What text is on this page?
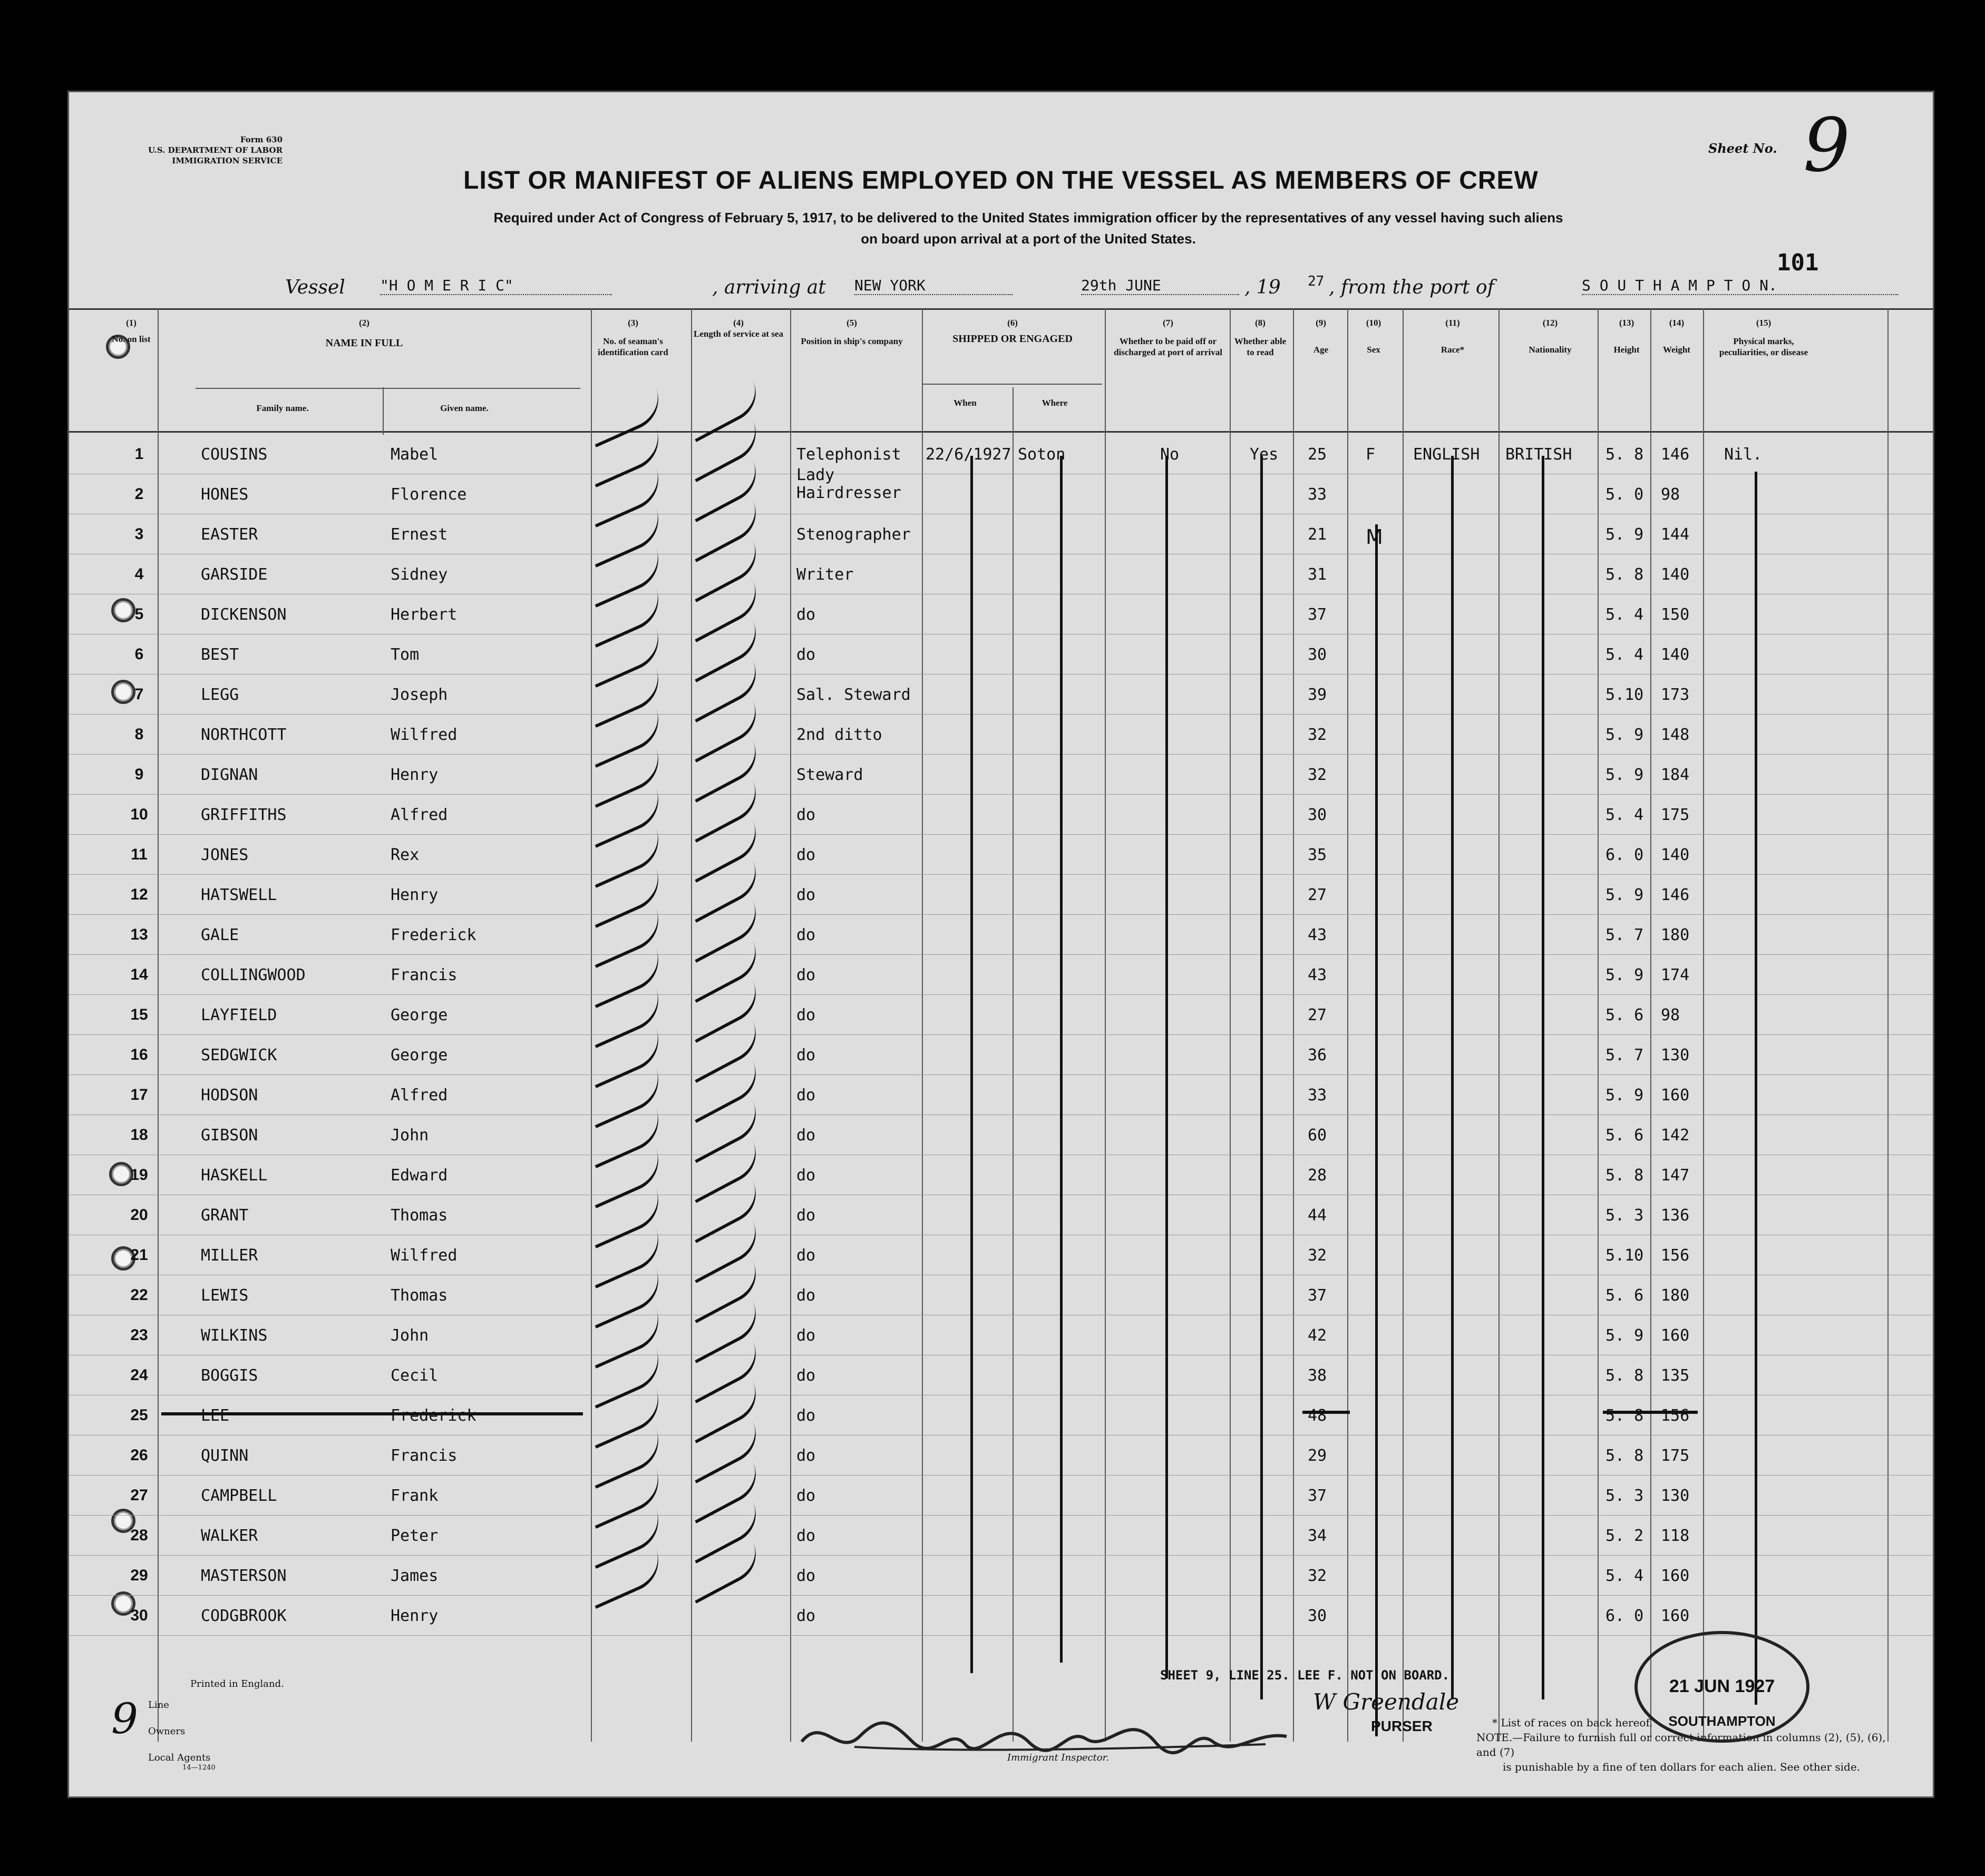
Form 630
U.S. DEPARTMENT OF LABOR
IMMIGRATION SERVICE
Sheet No. 9
LIST OR MANIFEST OF ALIENS EMPLOYED ON THE VESSEL AS MEMBERS OF CREW
Required under Act of Congress of February 5, 1917, to be delivered to the United States immigration officer by the representatives of any vessel having such aliens
on board upon arrival at a port of the United States.
101
Vessel "H O M E R I C"	, arriving at NEW YORK	29th JUNE	, 19 27 , from the port of	S O U T H A M P T O N.
(1)
No. on list
(2)
NAME IN FULL
Family name.	Given name.
(3)
No. of seaman's identification card
(4)
Length of service at sea
(5)
Position in ship's company
(6)
SHIPPED OR ENGAGED
When	Where
(7)
Whether to be paid off or discharged at port of arrival
(8)
Whether able to read
(9)
Age
(10)
Sex
(11)
Race*
(12)
Nationality
(13)
Height
(14)
Weight
(15)
Physical marks, peculiarities, or disease
1	COUSINS	Mabel	Telephonist 22/6/1927 Soton	No	Yes 25 F ENGLISH BRITISH 5. 8 146 Nil.
2	HONES	Florence
Lady
Hairdresser	33	5. 0 98
3	EASTER	Ernest	Stenographer	21 M	5. 9 144
4	GARSIDE	Sidney	Writer	31	5. 8 140
5	DICKENSON	Herbert	do	37	5. 4 150
6	BEST	Tom	do	30	5. 4 140
7	LEGG	Joseph	Sal. Steward	39	5.10 173
8	NORTHCOTT	Wilfred	2nd ditto	32	5. 9 148
9	DIGNAN	Henry	Steward	32	5. 9 184
10	GRIFFITHS	Alfred	do	30	5. 4 175
11	JONES	Rex	do	35	6. 0 140
12	HATSWELL	Henry	do	27	5. 9 146
13	GALE	Frederick	do	43	5. 7 180
14	COLLINGWOOD	Francis	do	43	5. 9 174
15	LAYFIELD	George	do	27	5. 6 98
16	SEDGWICK	George	do	36	5. 7 130
17	HODSON	Alfred	do	33	5. 9 160
18	GIBSON	John	do	60	5. 6 142
19	HASKELL	Edward	do	28	5. 8 147
20	GRANT	Thomas	do	44	5. 3 136
21	MILLER	Wilfred	do	32	5.10 156
22	LEWIS	Thomas	do	37	5. 6 180
23	WILKINS	John	do	42	5. 9 160
24	BOGGIS	Cecil	do	38	5. 8 135
25	LEE	Frederick	do	48	5. 8 156
26	QUINN	Francis	do	29	5. 8 175
27	CAMPBELL	Frank	do	37	5. 3 130
28	WALKER	Peter	do	34	5. 2 118
29	MASTERSON	James	do	32	5. 4 160
30	CODGBROOK	Henry	do	30	6. 0 160
Printed in England.
9 Line
Owners
Local Agents
14—1240
Immigrant Inspector.
SHEET 9, LINE 25. LEE F. NOT ON BOARD.
W Greendale
PURSER	* List of races on back hereof.
NOTE.—Failure to furnish full or correct information in columns (2), (5), (6), and (7)
is punishable by a fine of ten dollars for each alien. See other side.
21 JUN 1927
SOUTHAMPTON
